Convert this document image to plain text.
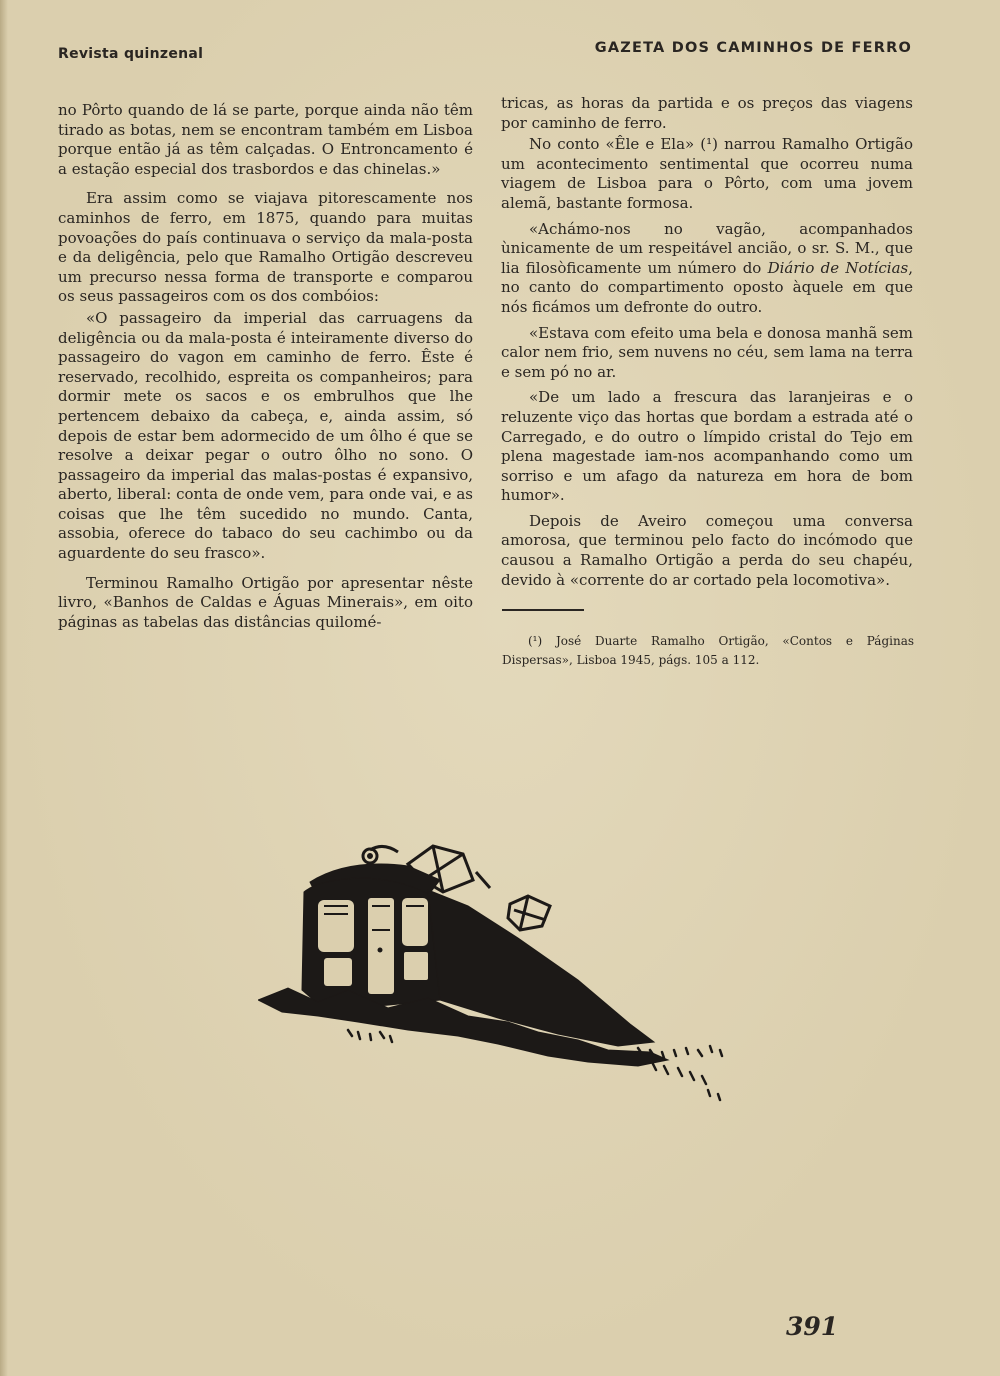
Revista quinzenal	GAZETA DOS CAMINHOS DE FERRO

no Pôrto quando de lá se parte, porque ainda não têm tirado as botas, nem se encontram também em Lisboa porque então já as têm calçadas. O Entroncamento é a estação especial dos trasbordos e das chinelas.»

Era assim como se viajava pitorescamente nos caminhos de ferro, em 1875, quando para muitas povoações do país continuava o serviço da mala-posta e da deligência, pelo que Ramalho Ortigão descreveu um precurso nessa forma de transporte e comparou os seus passageiros com os dos combóios:

«O passageiro da imperial das carruagens da deligência ou da mala-posta é inteiramente diverso do passageiro do vagon em caminho de ferro. Êste é reservado, recolhido, espreita os companheiros; para dormir mete os sacos e os embrulhos que lhe pertencem debaixo da cabeça, e, ainda assim, só depois de estar bem adormecido de um ôlho é que se resolve a deixar pegar o outro ôlho no sono. O passageiro da imperial das malas-postas é expansivo, aberto, liberal: conta de onde vem, para onde vai, e as coisas que lhe têm sucedido no mundo. Canta, assobia, oferece do tabaco do seu cachimbo ou da aguardente do seu frasco».

Terminou Ramalho Ortigão por apresentar nêste livro, «Banhos de Caldas e Águas Minerais», em oito páginas as tabelas das distâncias quilomé-

tricas, as horas da partida e os preços das viagens por caminho de ferro.

No conto «Êle e Ela» (¹) narrou Ramalho Ortigão um acontecimento sentimental que ocorreu numa viagem de Lisboa para o Pôrto, com uma jovem alemã, bastante formosa.

«Achámo-nos no vagão, acompanhados ùnicamente de um respeitável ancião, o sr. S. M., que lia filosòficamente um número do Diário de Notícias, no canto do compartimento oposto àquele em que nós ficámos um defronte do outro.

«Estava com efeito uma bela e donosa manhã sem calor nem frio, sem nuvens no céu, sem lama na terra e sem pó no ar.

«De um lado a frescura das laranjeiras e o reluzente viço das hortas que bordam a estrada até o Carregado, e do outro o límpido cristal do Tejo em plena magestade iam-nos acompanhando como um sorriso e um afago da natureza em hora de bom humor».

Depois de Aveiro começou uma conversa amorosa, que terminou pelo facto do incómodo que causou a Ramalho Ortigão a perda do seu chapéu, devido à «corrente do ar cortado pela locomotiva».

(¹) José Duarte Ramalho Ortigão, «Contos e Páginas Dispersas», Lisboa 1945, págs. 105 a 112.
391
